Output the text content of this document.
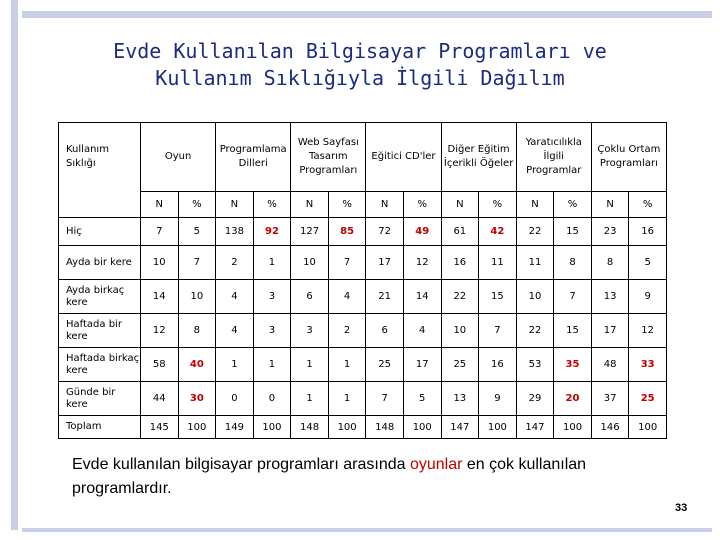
Evde Kullanılan Bilgisayar Programları ve
Kullanım Sıklığıyla İlgili Dağılım
Kullanım Sıklığı	Oyun		Programlama Dilleri		Web Sayfası Tasarım Programları		Eğitici CD'ler		Diğer Eğitim İçerikli Öğeler		Yaratıcılıkla İlgili Programlar		Çoklu Ortam Programları	
	N	%	N	%	N	%	N	%	N	%	N	%	N	%
Hiç	7	5	138	92	127	85	72	49	61	42	22	15	23	16
Ayda bir kere	10	7	2	1	10	7	17	12	16	11	11	8	8	5
Ayda birkaç kere	14	10	4	3	6	4	21	14	22	15	10	7	13	9
Haftada bir kere	12	8	4	3	3	2	6	4	10	7	22	15	17	12
Haftada birkaç kere	58	40	1	1	1	1	25	17	25	16	53	35	48	33
Günde bir kere	44	30	0	0	1	1	7	5	13	9	29	20	37	25
Toplam	145	100	149	100	148	100	148	100	147	100	147	100	146	100
Evde kullanılan bilgisayar programları arasında oyunlar en çok kullanılan programlardır.
33
